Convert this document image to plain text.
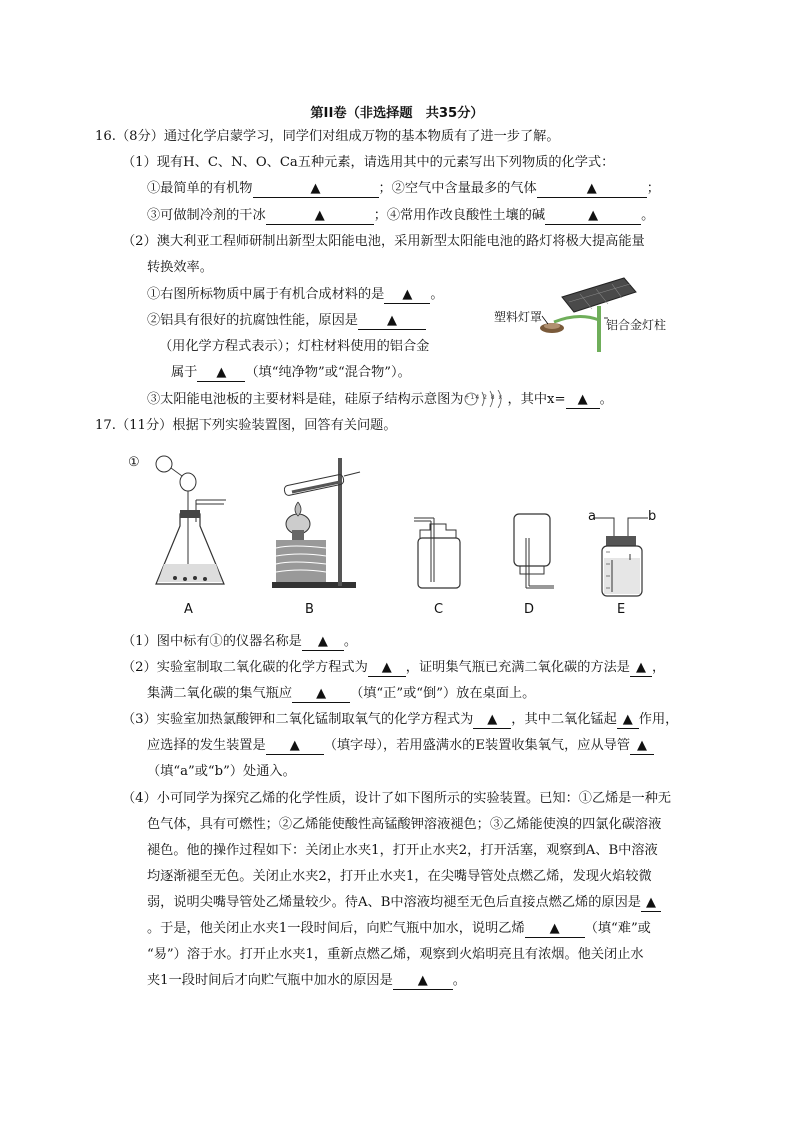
第II卷（非选择题　共35分）
16.（8分）通过化学启蒙学习，同学们对组成万物的基本物质有了进一步了解。
（1）现有H、C、N、O、Ca五种元素，请选用其中的元素写出下列物质的化学式：
①最简单的有机物	▲	；②空气中含量最多的气体	▲	；
③可做制冷剂的干冰	▲	；④常用作改良酸性土壤的碱	▲	。
（2）澳大利亚工程师研制出新型太阳能电池，采用新型太阳能电池的路灯将极大提高能量
转换效率。
①右图所标物质中属于有机合成材料的是 ▲ 。
②铝具有很好的抗腐蚀性能，原因是 ▲
（用化学方程式表示）；灯柱材料使用的铝合金
属于 ▲ （填“纯净物”或“混合物”）。
③太阳能电池板的主要材料是硅，硅原子结构示意图为 +14 2 8 x ，其中x= ▲ 。
塑料灯罩
铝合金灯柱
17.（11分）根据下列实验装置图，回答有关问题。
①
a	b
A	B	C	D	E
（1）图中标有①的仪器名称是 ▲ 。
（2）实验室制取二氧化碳的化学方程式为 ▲ ，证明集气瓶已充满二氧化碳的方法是 ▲ ，
集满二氧化碳的集气瓶应 ▲ （填“正”或“倒”）放在桌面上。
（3）实验室加热氯酸钾和二氧化锰制取氧气的化学方程式为 ▲ ，其中二氧化锰起 ▲ 作用，
应选择的发生装置是 ▲ （填字母），若用盛满水的E装置收集氧气，应从导管 ▲
（填“a”或“b”）处通入。
（4）小可同学为探究乙烯的化学性质，设计了如下图所示的实验装置。已知：①乙烯是一种无
色气体，具有可燃性；②乙烯能使酸性高锰酸钾溶液褪色；③乙烯能使溴的四氯化碳溶液
褪色。他的操作过程如下：关闭止水夹1，打开止水夹2，打开活塞，观察到A、B中溶液
均逐渐褪至无色。关闭止水夹2，打开止水夹1，在尖嘴导管处点燃乙烯，发现火焰较微
弱，说明尖嘴导管处乙烯量较少。待A、B中溶液均褪至无色后直接点燃乙烯的原因是 ▲
。于是，他关闭止水夹1一段时间后，向贮气瓶中加水，说明乙烯 ▲ （填“难”或
“易”）溶于水。打开止水夹1，重新点燃乙烯，观察到火焰明亮且有浓烟。他关闭止水
夹1一段时间后才向贮气瓶中加水的原因是 ▲ 。
